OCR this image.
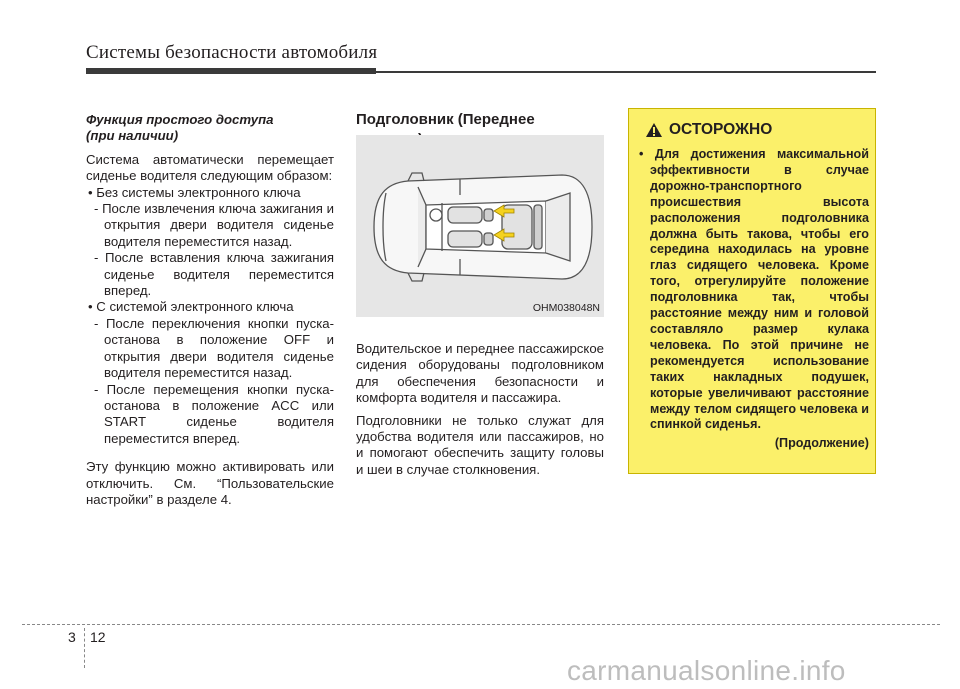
Системы безопасности автомобиля
Функция простого доступа
(при наличии)

Система автоматически перемещает сиденье водителя следующим образом:

• Без системы электронного ключа

- После извлечения ключа зажигания и открытия двери водителя сиденье водителя переместится назад.

- После вставления ключа зажигания сиденье водителя переместится вперед.

• С системой электронного ключа

- После переключения кнопки пуска-останова в положение OFF и открытия двери водителя сиденье водителя переместится назад.

- После перемещения кнопки пуска-останова в положение ACC или START сиденье водителя переместится вперед.

Эту функцию можно активировать или отключить. См. “Пользовательские настройки” в разделе 4.

Подголовник (Переднее
OHM038048N

Водительское и переднее пассажирское сидения оборудованы подголовником для обеспечения безопасности и комфорта водителя и пассажира.

Подголовники не только служат для удобства водителя или пассажиров, но и помогают обеспечить защиту головы и шеи в случае столкновения.

ОСТОРОЖНО

• Для достижения максимальной эффективности в случае дорожно-транспортного происшествия высота расположения подголовника должна быть такова, чтобы его середина находилась на уровне глаз сидящего человека. Кроме того, отрегулируйте положение подголовника так, чтобы расстояние между ним и головой составляло размер кулака человека. По этой причине не рекомендуется использование таких накладных подушек, которые увеличивают расстояние между телом сидящего человека и спинкой сиденья.

(Продолжение)

3 12
carmanualsonline.info
